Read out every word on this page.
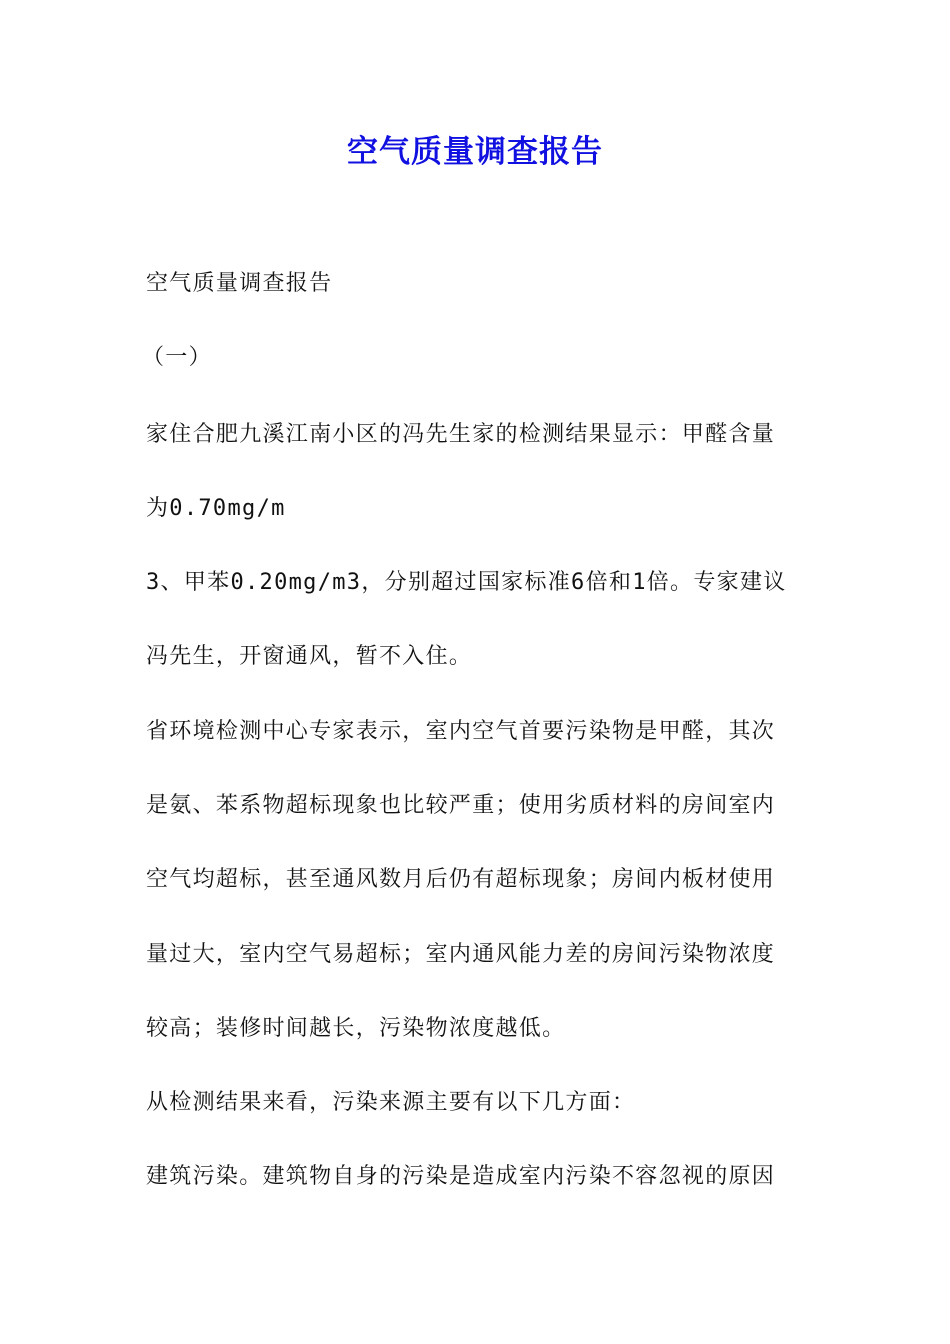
空气质量调查报告
空气质量调查报告
（一）
家住合肥九溪江南小区的冯先生家的检测结果显示：甲醛含量
为0.70mg/m
3、甲苯0.20mg/m3，分别超过国家标准6倍和1倍。专家建议
冯先生，开窗通风，暂不入住。
省环境检测中心专家表示，室内空气首要污染物是甲醛，其次
是氨、苯系物超标现象也比较严重；使用劣质材料的房间室内
空气均超标，甚至通风数月后仍有超标现象；房间内板材使用
量过大，室内空气易超标；室内通风能力差的房间污染物浓度
较高；装修时间越长，污染物浓度越低。
从检测结果来看，污染来源主要有以下几方面：
建筑污染。建筑物自身的污染是造成室内污染不容忽视的原因
